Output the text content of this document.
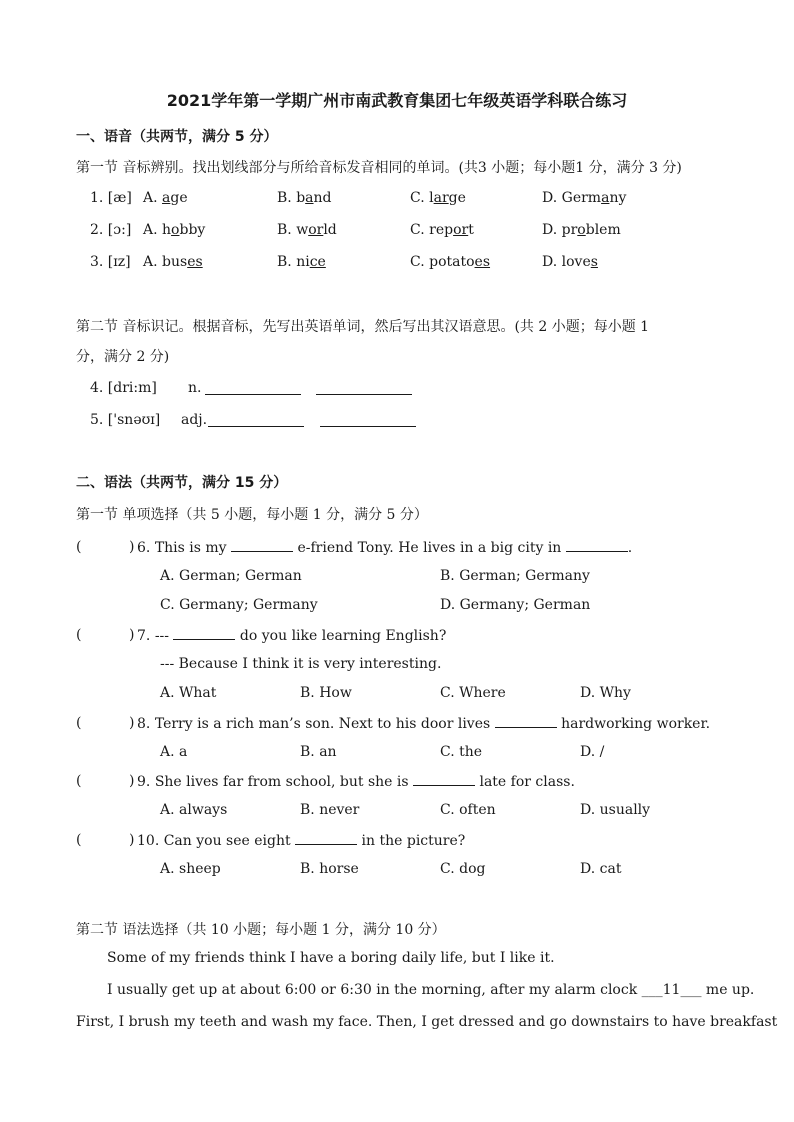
2021学年第一学期广州市南武教育集团七年级英语学科联合练习
一、语音（共两节，满分 5 分）
第一节 音标辨别。找出划线部分与所给音标发音相同的单词。(共3 小题；每小题1 分，满分 3 分)
1. [æ] A. age	B. band	C. large	D. Germany
2. [ɔ:] A. hobby	B. world	C. report	D. problem
3. [ɪz] A. buses	B. nice	C. potatoes	D. loves
第二节 音标识记。根据音标，先写出英语单词，然后写出其汉语意思。(共 2 小题；每小题 1
分，满分 2 分)
4. [dri:m] n.
5. ['snəʊɪ] adj.
二、语法（共两节，满分 15 分）
第一节 单项选择（共 5 小题，每小题 1 分，满分 5 分）
(	) 6. This is my	e-friend Tony. He lives in a big city in	.
A. German; German	B. German; Germany
C. Germany; Germany	D. Germany; German
(	) 7. ---	do you like learning English?
--- Because I think it is very interesting.
A. What	B. How	C. Where	D. Why
(	) 8. Terry is a rich man’s son. Next to his door lives	hardworking worker.
A. a	B. an	C. the	D. /
(	) 9. She lives far from school, but she is	late for class.
A. always	B. never	C. often	D. usually
(	) 10. Can you see eight	in the picture?
A. sheep	B. horse	C. dog	D. cat
第二节 语法选择（共 10 小题；每小题 1 分，满分 10 分）
Some of my friends think I have a boring daily life, but I like it.
I usually get up at about 6:00 or 6:30 in the morning, after my alarm clock ___11___ me up.
First, I brush my teeth and wash my face. Then, I get dressed and go downstairs to have breakfast
